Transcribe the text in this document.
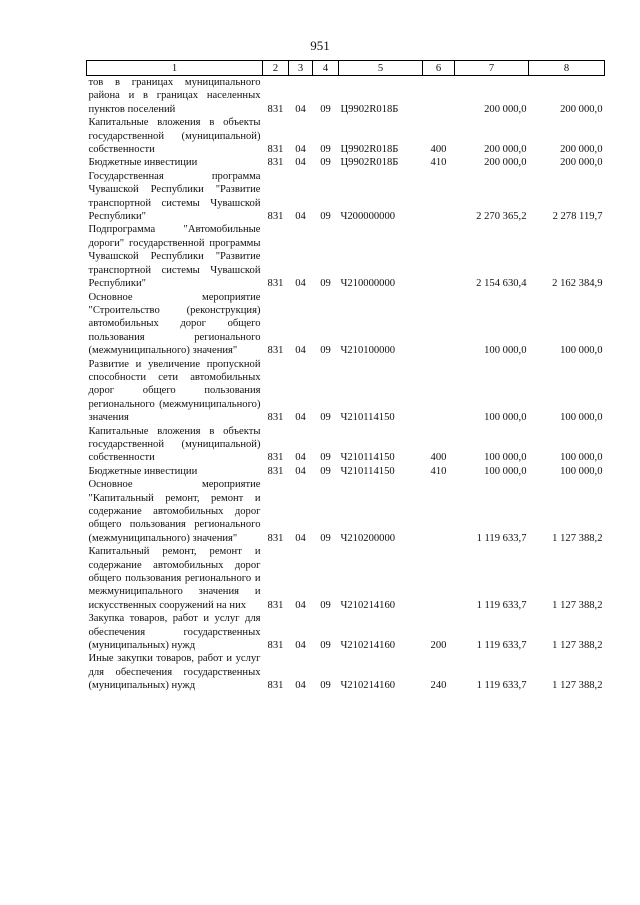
951
1	2	3	4	5	6	7	8
тов в границах муниципального района и в границах населенных пунктов поселений	831	04	09	Ц9902R018Б		200 000,0	200 000,0
Капитальные вложения в объекты государственной (муниципальной) собственности	831	04	09	Ц9902R018Б	400	200 000,0	200 000,0
Бюджетные инвестиции	831	04	09	Ц9902R018Б	410	200 000,0	200 000,0
Государственная программа Чувашской Республики "Развитие транспортной системы Чувашской Республики"	831	04	09	Ч200000000		2 270 365,2	2 278 119,7
Подпрограмма "Автомобильные дороги" государственной программы Чувашской Республики "Развитие транспортной системы Чувашской Республики"	831	04	09	Ч210000000		2 154 630,4	2 162 384,9
Основное мероприятие "Строительство (реконструкция) автомобильных дорог общего пользования регионального (межмуниципального) значения"	831	04	09	Ч210100000		100 000,0	100 000,0
Развитие и увеличение пропускной способности сети автомобильных дорог общего пользования регионального (межмуниципального) значения	831	04	09	Ч210114150		100 000,0	100 000,0
Капитальные вложения в объекты государственной (муниципальной) собственности	831	04	09	Ч210114150	400	100 000,0	100 000,0
Бюджетные инвестиции	831	04	09	Ч210114150	410	100 000,0	100 000,0
Основное мероприятие "Капитальный ремонт, ремонт и содержание автомобильных дорог общего пользования регионального (межмуниципального) значения"	831	04	09	Ч210200000		1 119 633,7	1 127 388,2
Капитальный ремонт, ремонт и содержание автомобильных дорог общего пользования регионального и межмуниципального значения и искусственных сооружений на них	831	04	09	Ч210214160		1 119 633,7	1 127 388,2
Закупка товаров, работ и услуг для обеспечения государственных (муниципальных) нужд	831	04	09	Ч210214160	200	1 119 633,7	1 127 388,2
Иные закупки товаров, работ и услуг для обеспечения государственных (муниципальных) нужд	831	04	09	Ч210214160	240	1 119 633,7	1 127 388,2
